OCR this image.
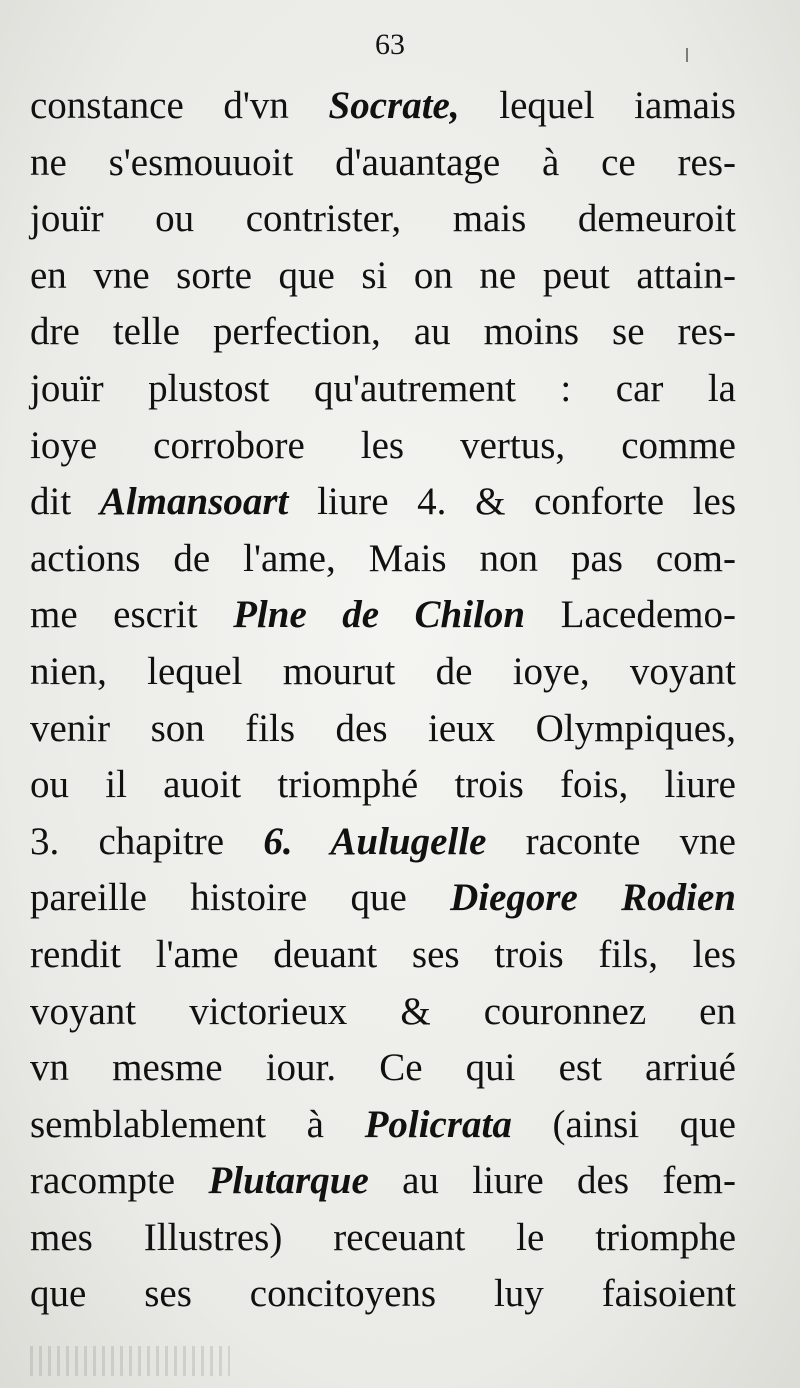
63
constance d'vn Socrate, lequel iamais
ne s'esmouuoit d'auantage à ce res-
jouïr ou contrister, mais demeuroit
en vne sorte que si on ne peut attain-
dre telle perfection, au moins se res-
jouïr plustost qu'autrement : car la
ioye corrobore les vertus, comme
dit Almansoart liure 4. & conforte les
actions de l'ame, Mais non pas com-
me escrit Plne de Chilon Lacedemo-
nien, lequel mourut de ioye, voyant
venir son fils des ieux Olympiques,
ou il auoit triomphé trois fois, liure
3. chapitre 6. Aulugelle raconte vne
pareille histoire que Diegore Rodien
rendit l'ame deuant ses trois fils, les
voyant victorieux & couronnez en
vn mesme iour. Ce qui est arriué
semblablement à Policrata (ainsi que
racompte Plutarque au liure des fem-
mes Illustres) receuant le triomphe
que ses concitoyens luy faisoient
